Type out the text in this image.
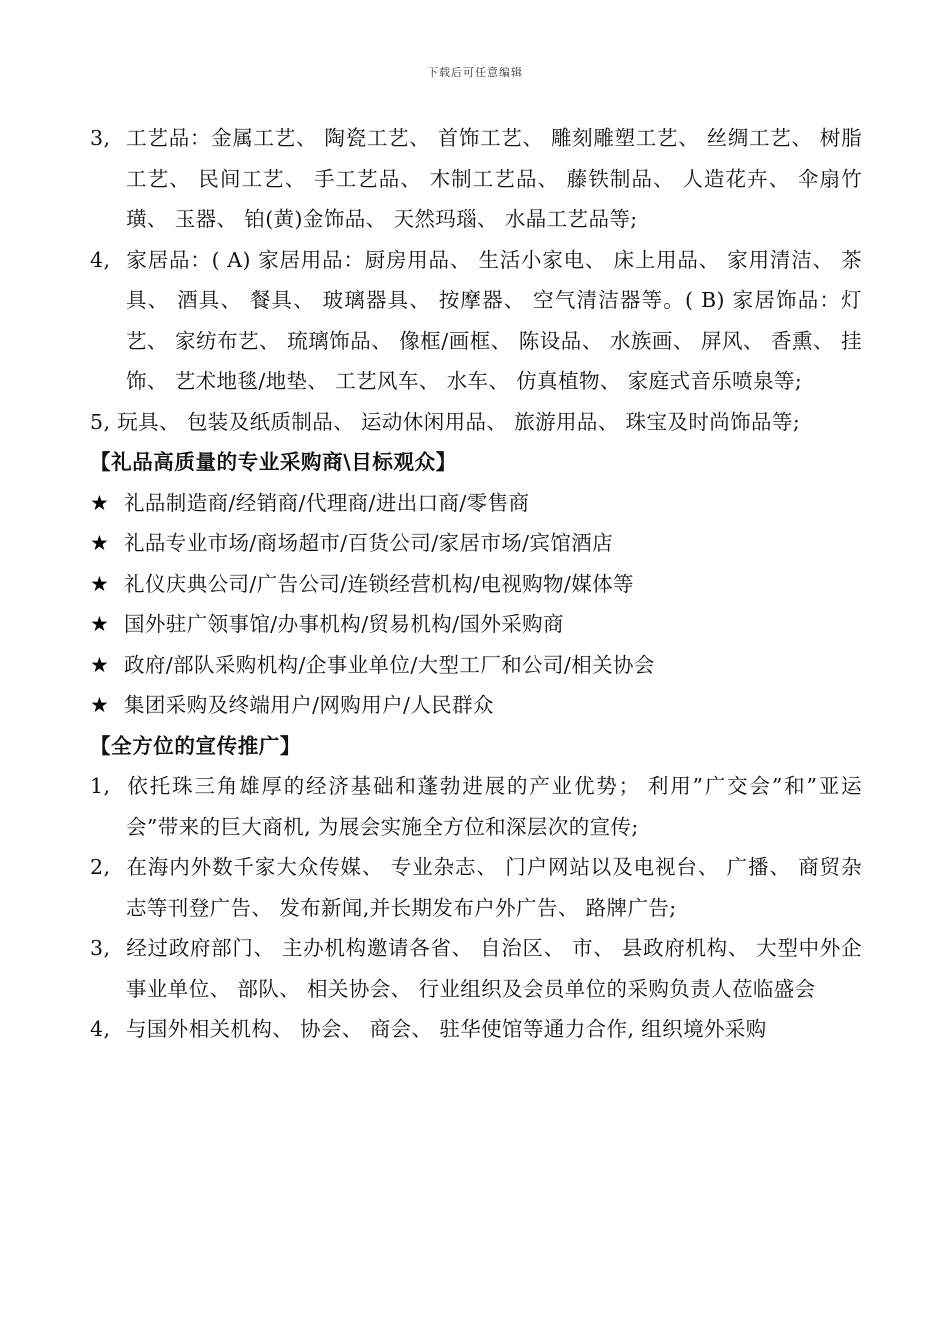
下载后可任意编辑

3, 工艺品：金属工艺、 陶瓷工艺、 首饰工艺、 雕刻雕塑工艺、 丝绸工艺、 树脂工艺、 民间工艺、 手工艺品、 木制工艺品、 藤铁制品、 人造花卉、 伞扇竹璜、 玉器、 铂(黄)金饰品、 天然玛瑙、 水晶工艺品等;

4, 家居品：( A) 家居用品：厨房用品、 生活小家电、 床上用品、 家用清洁、 茶具、 酒具、 餐具、 玻璃器具、 按摩器、 空气清洁器等。( B) 家居饰品：灯艺、 家纺布艺、 琉璃饰品、 像框/画框、 陈设品、 水族画、 屏风、 香熏、 挂饰、 艺术地毯/地垫、 工艺风车、 水车、 仿真植物、 家庭式音乐喷泉等;

5, 玩具、 包装及纸质制品、 运动休闲用品、 旅游用品、 珠宝及时尚饰品等;

【礼品高质量的专业采购商\目标观众】

★ 礼品制造商/经销商/代理商/进出口商/零售商

★ 礼品专业市场/商场超市/百货公司/家居市场/宾馆酒店

★ 礼仪庆典公司/广告公司/连锁经营机构/电视购物/媒体等

★ 国外驻广领事馆/办事机构/贸易机构/国外采购商

★ 政府/部队采购机构/企事业单位/大型工厂和公司/相关协会

★ 集团采购及终端用户/网购用户/人民群众

【全方位的宣传推广】

1, 依托珠三角雄厚的经济基础和蓬勃进展的产业优势； 利用”广交会”和”亚运会”带来的巨大商机, 为展会实施全方位和深层次的宣传;

2, 在海内外数千家大众传媒、 专业杂志、 门户网站以及电视台、 广播、 商贸杂志等刊登广告、 发布新闻,并长期发布户外广告、 路牌广告;

3, 经过政府部门、 主办机构邀请各省、 自治区、 市、 县政府机构、 大型中外企事业单位、 部队、 相关协会、 行业组织及会员单位的采购负责人莅临盛会

4, 与国外相关机构、 协会、 商会、 驻华使馆等通力合作, 组织境外采购
